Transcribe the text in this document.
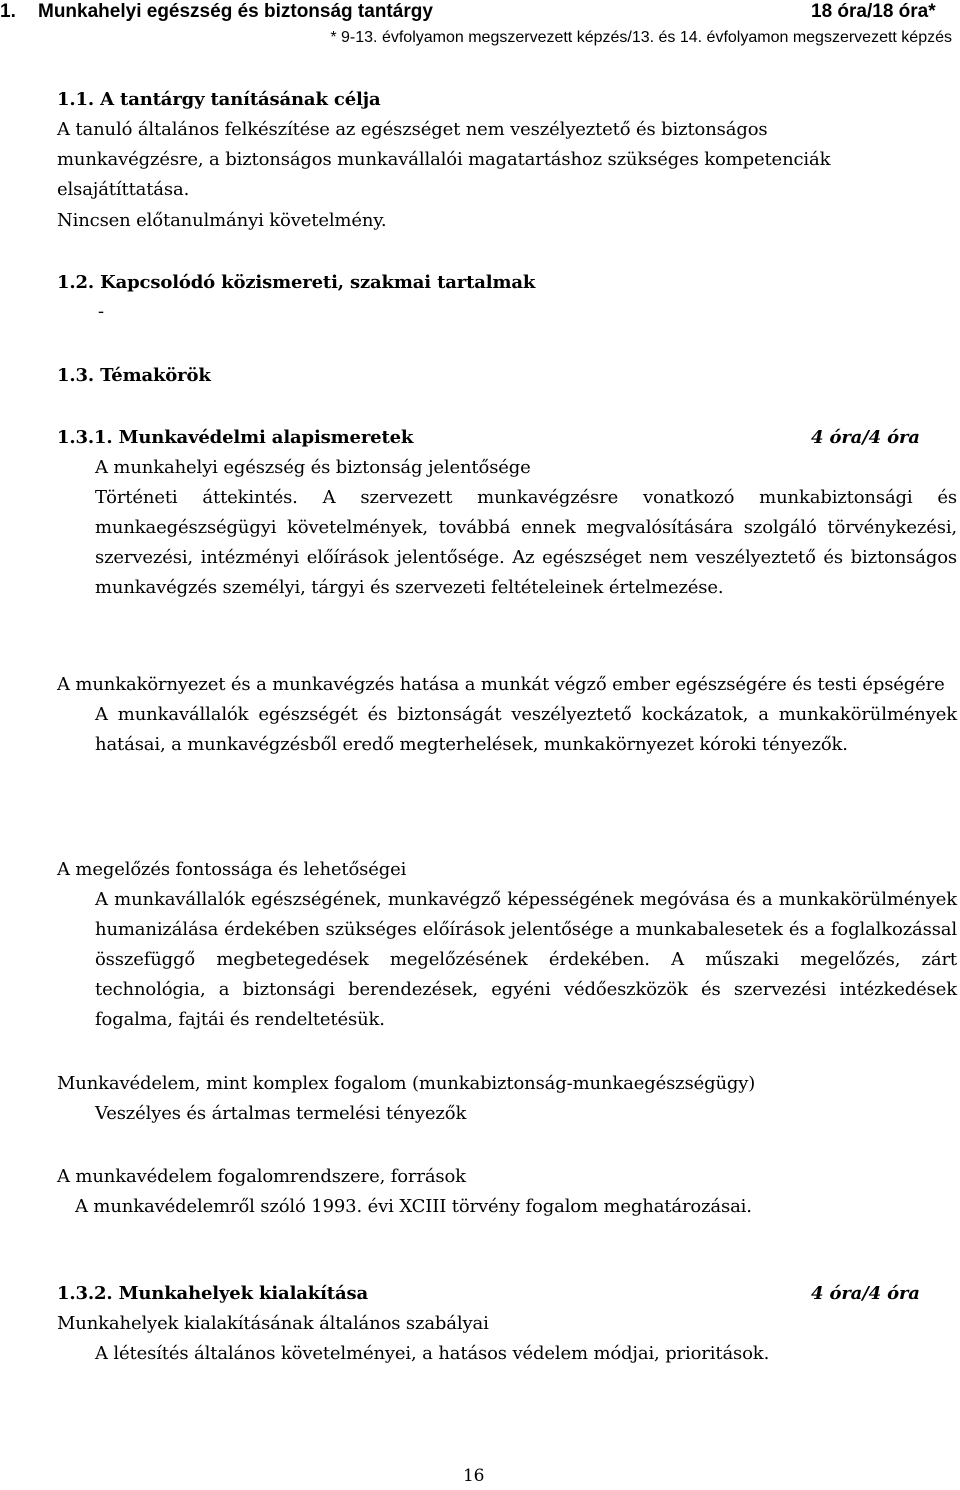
1. Munkahelyi egészség és biztonság tantárgy	18 óra/18 óra*
* 9-13. évfolyamon megszervezett képzés/13. és 14. évfolyamon megszervezett képzés
1.1. A tantárgy tanításának célja
A tanuló általános felkészítése az egészséget nem veszélyeztető és biztonságos
munkavégzésre, a biztonságos munkavállalói magatartáshoz szükséges kompetenciák
elsajátíttatása.
Nincsen előtanulmányi követelmény.
1.2. Kapcsolódó közismereti, szakmai tartalmak
-
1.3. Témakörök
1.3.1. Munkavédelmi alapismeretek	4 óra/4 óra

A munkahelyi egészség és biztonság jelentősége

Történeti áttekintés. A szervezett munkavégzésre vonatkozó munkabiztonsági és munkaegészségügyi követelmények, továbbá ennek megvalósítására szolgáló törvénykezési, szervezési, intézményi előírások jelentősége. Az egészséget nem veszélyeztető és biztonságos munkavégzés személyi, tárgyi és szervezeti feltételeinek értelmezése.

A munkakörnyezet és a munkavégzés hatása a munkát végző ember egészségére és testi épségére

A munkavállalók egészségét és biztonságát veszélyeztető kockázatok, a munkakörülmények hatásai, a munkavégzésből eredő megterhelések, munkakörnyezet kóroki tényezők.

A megelőzés fontossága és lehetőségei

A munkavállalók egészségének, munkavégző képességének megóvása és a munkakörülmények humanizálása érdekében szükséges előírások jelentősége a munkabalesetek és a foglalkozással összefüggő megbetegedések megelőzésének érdekében. A műszaki megelőzés, zárt technológia, a biztonsági berendezések, egyéni védőeszközök és szervezési intézkedések fogalma, fajtái és rendeltetésük.

Munkavédelem, mint komplex fogalom (munkabiztonság-munkaegészségügy)

Veszélyes és ártalmas termelési tényezők

A munkavédelem fogalomrendszere, források

A munkavédelemről szóló 1993. évi XCIII törvény fogalom meghatározásai.

1.3.2. Munkahelyek kialakítása	4 óra/4 óra

Munkahelyek kialakításának általános szabályai

A létesítés általános követelményei, a hatásos védelem módjai, prioritások.

16
